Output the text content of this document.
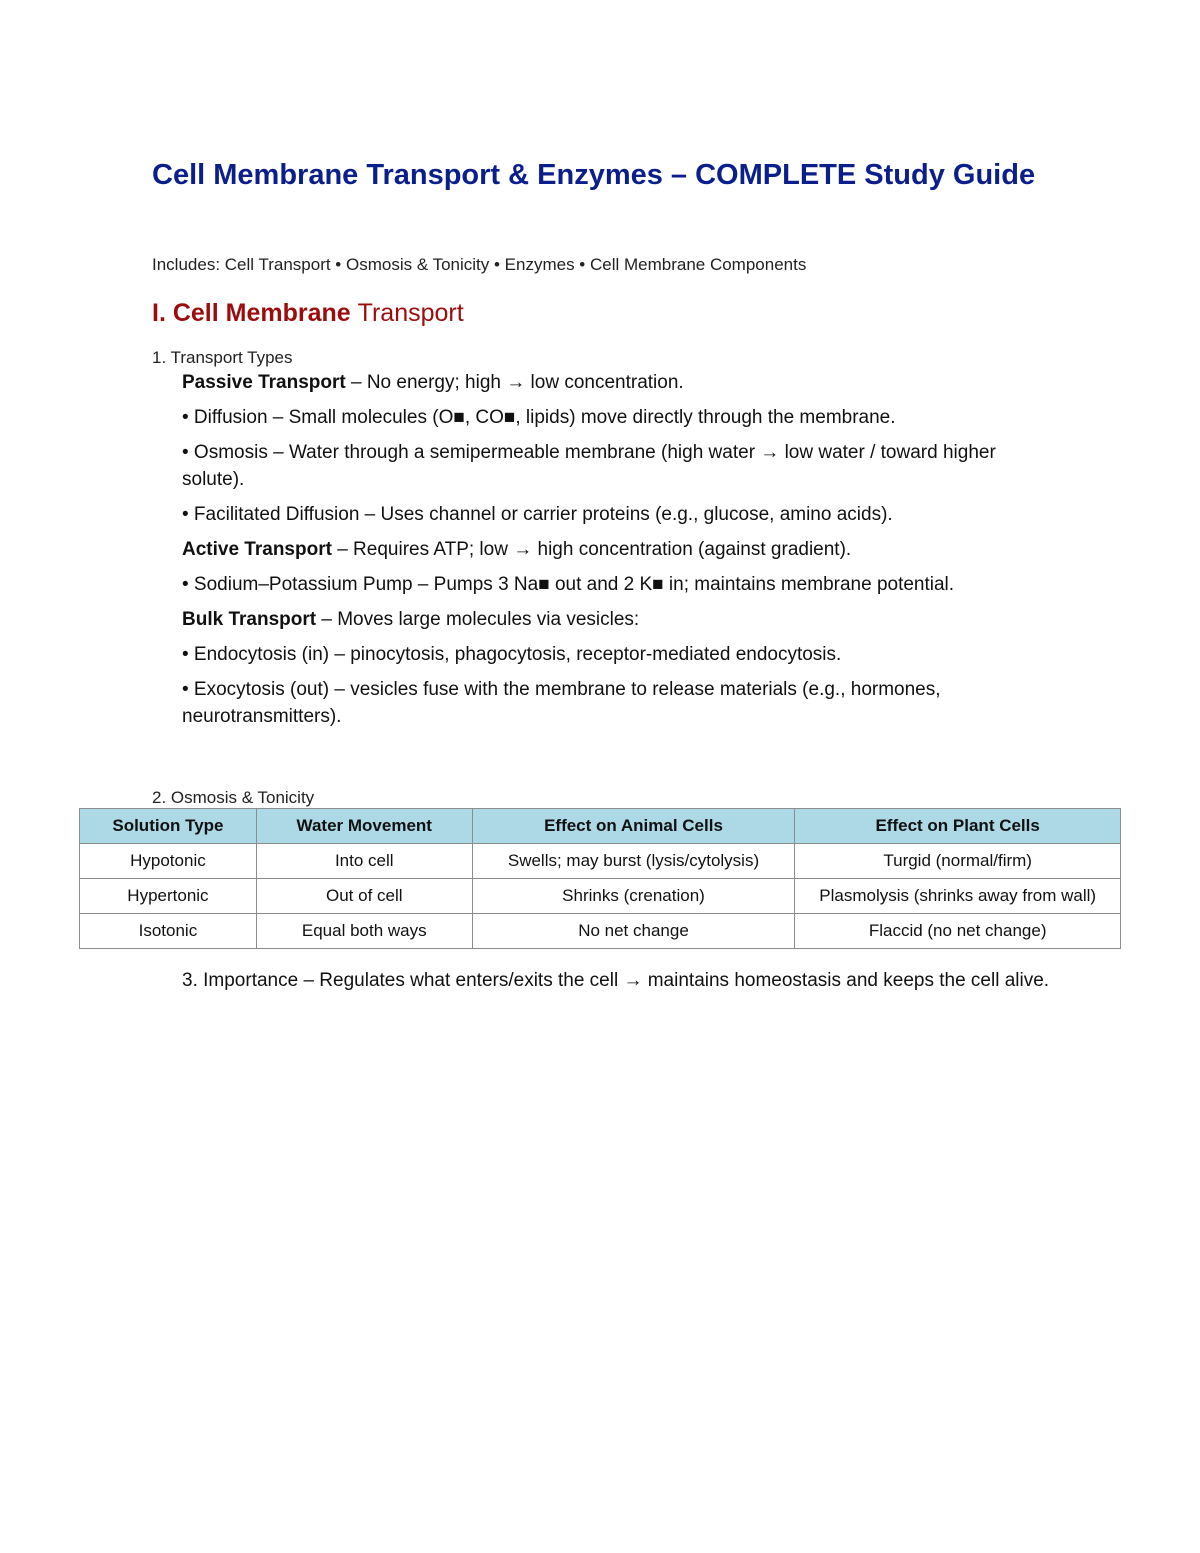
Cell Membrane Transport & Enzymes – COMPLETE Study Guide

Includes: Cell Transport • Osmosis & Tonicity • Enzymes • Cell Membrane Components

I. Cell Membrane Transport

1. Transport Types

Passive Transport – No energy; high → low concentration.

• Diffusion – Small molecules (O■, CO■, lipids) move directly through the membrane.

• Osmosis – Water through a semipermeable membrane (high water → low water / toward higher solute).

• Facilitated Diffusion – Uses channel or carrier proteins (e.g., glucose, amino acids).

Active Transport – Requires ATP; low → high concentration (against gradient).

• Sodium–Potassium Pump – Pumps 3 Na■ out and 2 K■ in; maintains membrane potential.

Bulk Transport – Moves large molecules via vesicles:

• Endocytosis (in) – pinocytosis, phagocytosis, receptor-mediated endocytosis.

• Exocytosis (out) – vesicles fuse with the membrane to release materials (e.g., hormones, neurotransmitters).

2. Osmosis & Tonicity

Solution Type	Water Movement	Effect on Animal Cells	Effect on Plant Cells
Hypotonic	Into cell	Swells; may burst (lysis/cytolysis)	Turgid (normal/firm)
Hypertonic	Out of cell	Shrinks (crenation)	Plasmolysis (shrinks away from wall)
Isotonic	Equal both ways	No net change	Flaccid (no net change)

3. Importance – Regulates what enters/exits the cell → maintains homeostasis and keeps the cell alive.
